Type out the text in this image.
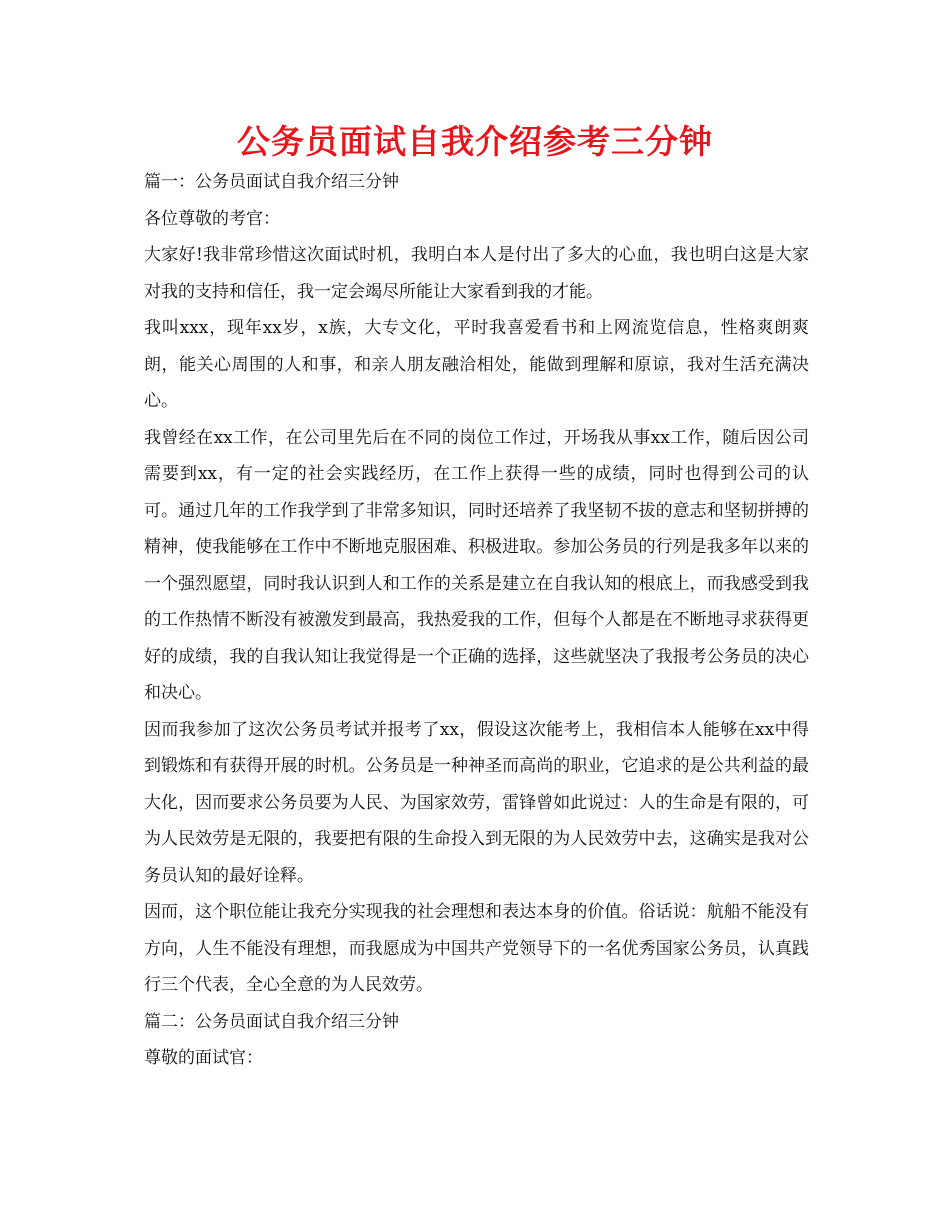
公务员面试自我介绍参考三分钟

篇一：公务员面试自我介绍三分钟

各位尊敬的考官：

大家好!我非常珍惜这次面试时机，我明白本人是付出了多大的心血，我也明白这是大家对我的支持和信任，我一定会竭尽所能让大家看到我的才能。

我叫xxx，现年xx岁，x族，大专文化，平时我喜爱看书和上网流览信息，性格爽朗爽朗，能关心周围的人和事，和亲人朋友融洽相处，能做到理解和原谅，我对生活充满决心。

我曾经在xx工作，在公司里先后在不同的岗位工作过，开场我从事xx工作，随后因公司需要到xx，有一定的社会实践经历，在工作上获得一些的成绩，同时也得到公司的认可。通过几年的工作我学到了非常多知识，同时还培养了我坚韧不拔的意志和坚韧拼搏的精神，使我能够在工作中不断地克服困难、积极进取。参加公务员的行列是我多年以来的一个强烈愿望，同时我认识到人和工作的关系是建立在自我认知的根底上，而我感受到我的工作热情不断没有被激发到最高，我热爱我的工作，但每个人都是在不断地寻求获得更好的成绩，我的自我认知让我觉得是一个正确的选择，这些就坚决了我报考公务员的决心和决心。

因而我参加了这次公务员考试并报考了xx，假设这次能考上，我相信本人能够在xx中得到锻炼和有获得开展的时机。公务员是一种神圣而高尚的职业，它追求的是公共利益的最大化，因而要求公务员要为人民、为国家效劳，雷锋曾如此说过：人的生命是有限的，可为人民效劳是无限的，我要把有限的生命投入到无限的为人民效劳中去，这确实是我对公务员认知的最好诠释。

因而，这个职位能让我充分实现我的社会理想和表达本身的价值。俗话说：航船不能没有方向，人生不能没有理想，而我愿成为中国共产党领导下的一名优秀国家公务员，认真践行三个代表，全心全意的为人民效劳。

篇二：公务员面试自我介绍三分钟

尊敬的面试官：
